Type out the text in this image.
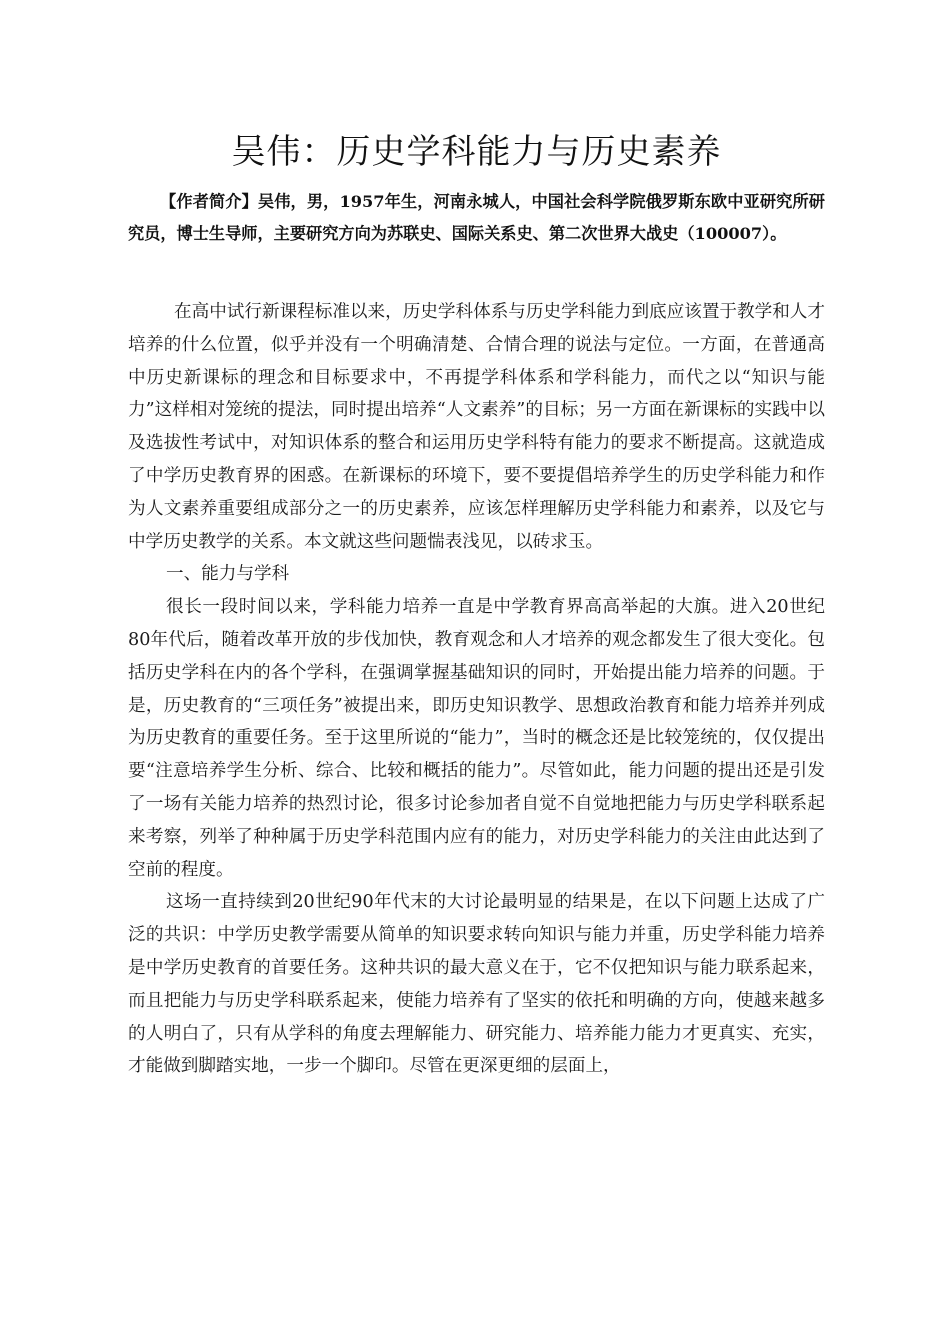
吴伟：历史学科能力与历史素养

【作者简介】吴伟，男，1957年生，河南永城人，中国社会科学院俄罗斯东欧中亚研究所研究员，博士生导师，主要研究方向为苏联史、国际关系史、第二次世界大战史（100007）。

在高中试行新课程标准以来，历史学科体系与历史学科能力到底应该置于教学和人才培养的什么位置，似乎并没有一个明确清楚、合情合理的说法与定位。一方面，在普通高中历史新课标的理念和目标要求中，不再提学科体系和学科能力，而代之以“知识与能力”这样相对笼统的提法，同时提出培养“人文素养”的目标；另一方面在新课标的实践中以及选拔性考试中，对知识体系的整合和运用历史学科特有能力的要求不断提高。这就造成了中学历史教育界的困惑。在新课标的环境下，要不要提倡培养学生的历史学科能力和作为人文素养重要组成部分之一的历史素养，应该怎样理解历史学科能力和素养，以及它与中学历史教学的关系。本文就这些问题惴表浅见，以砖求玉。

一、能力与学科

很长一段时间以来，学科能力培养一直是中学教育界高高举起的大旗。进入20世纪80年代后，随着改革开放的步伐加快，教育观念和人才培养的观念都发生了很大变化。包括历史学科在内的各个学科，在强调掌握基础知识的同时，开始提出能力培养的问题。于是，历史教育的“三项任务”被提出来，即历史知识教学、思想政治教育和能力培养并列成为历史教育的重要任务。至于这里所说的“能力”，当时的概念还是比较笼统的，仅仅提出要“注意培养学生分析、综合、比较和概括的能力”。尽管如此，能力问题的提出还是引发了一场有关能力培养的热烈讨论，很多讨论参加者自觉不自觉地把能力与历史学科联系起来考察，列举了种种属于历史学科范围内应有的能力，对历史学科能力的关注由此达到了空前的程度。

这场一直持续到20世纪90年代末的大讨论最明显的结果是，在以下问题上达成了广泛的共识：中学历史教学需要从简单的知识要求转向知识与能力并重，历史学科能力培养是中学历史教育的首要任务。这种共识的最大意义在于，它不仅把知识与能力联系起来，而且把能力与历史学科联系起来，使能力培养有了坚实的依托和明确的方向，使越来越多的人明白了，只有从学科的角度去理解能力、研究能力、培养能力能力才更真实、充实，才能做到脚踏实地，一步一个脚印。尽管在更深更细的层面上，
